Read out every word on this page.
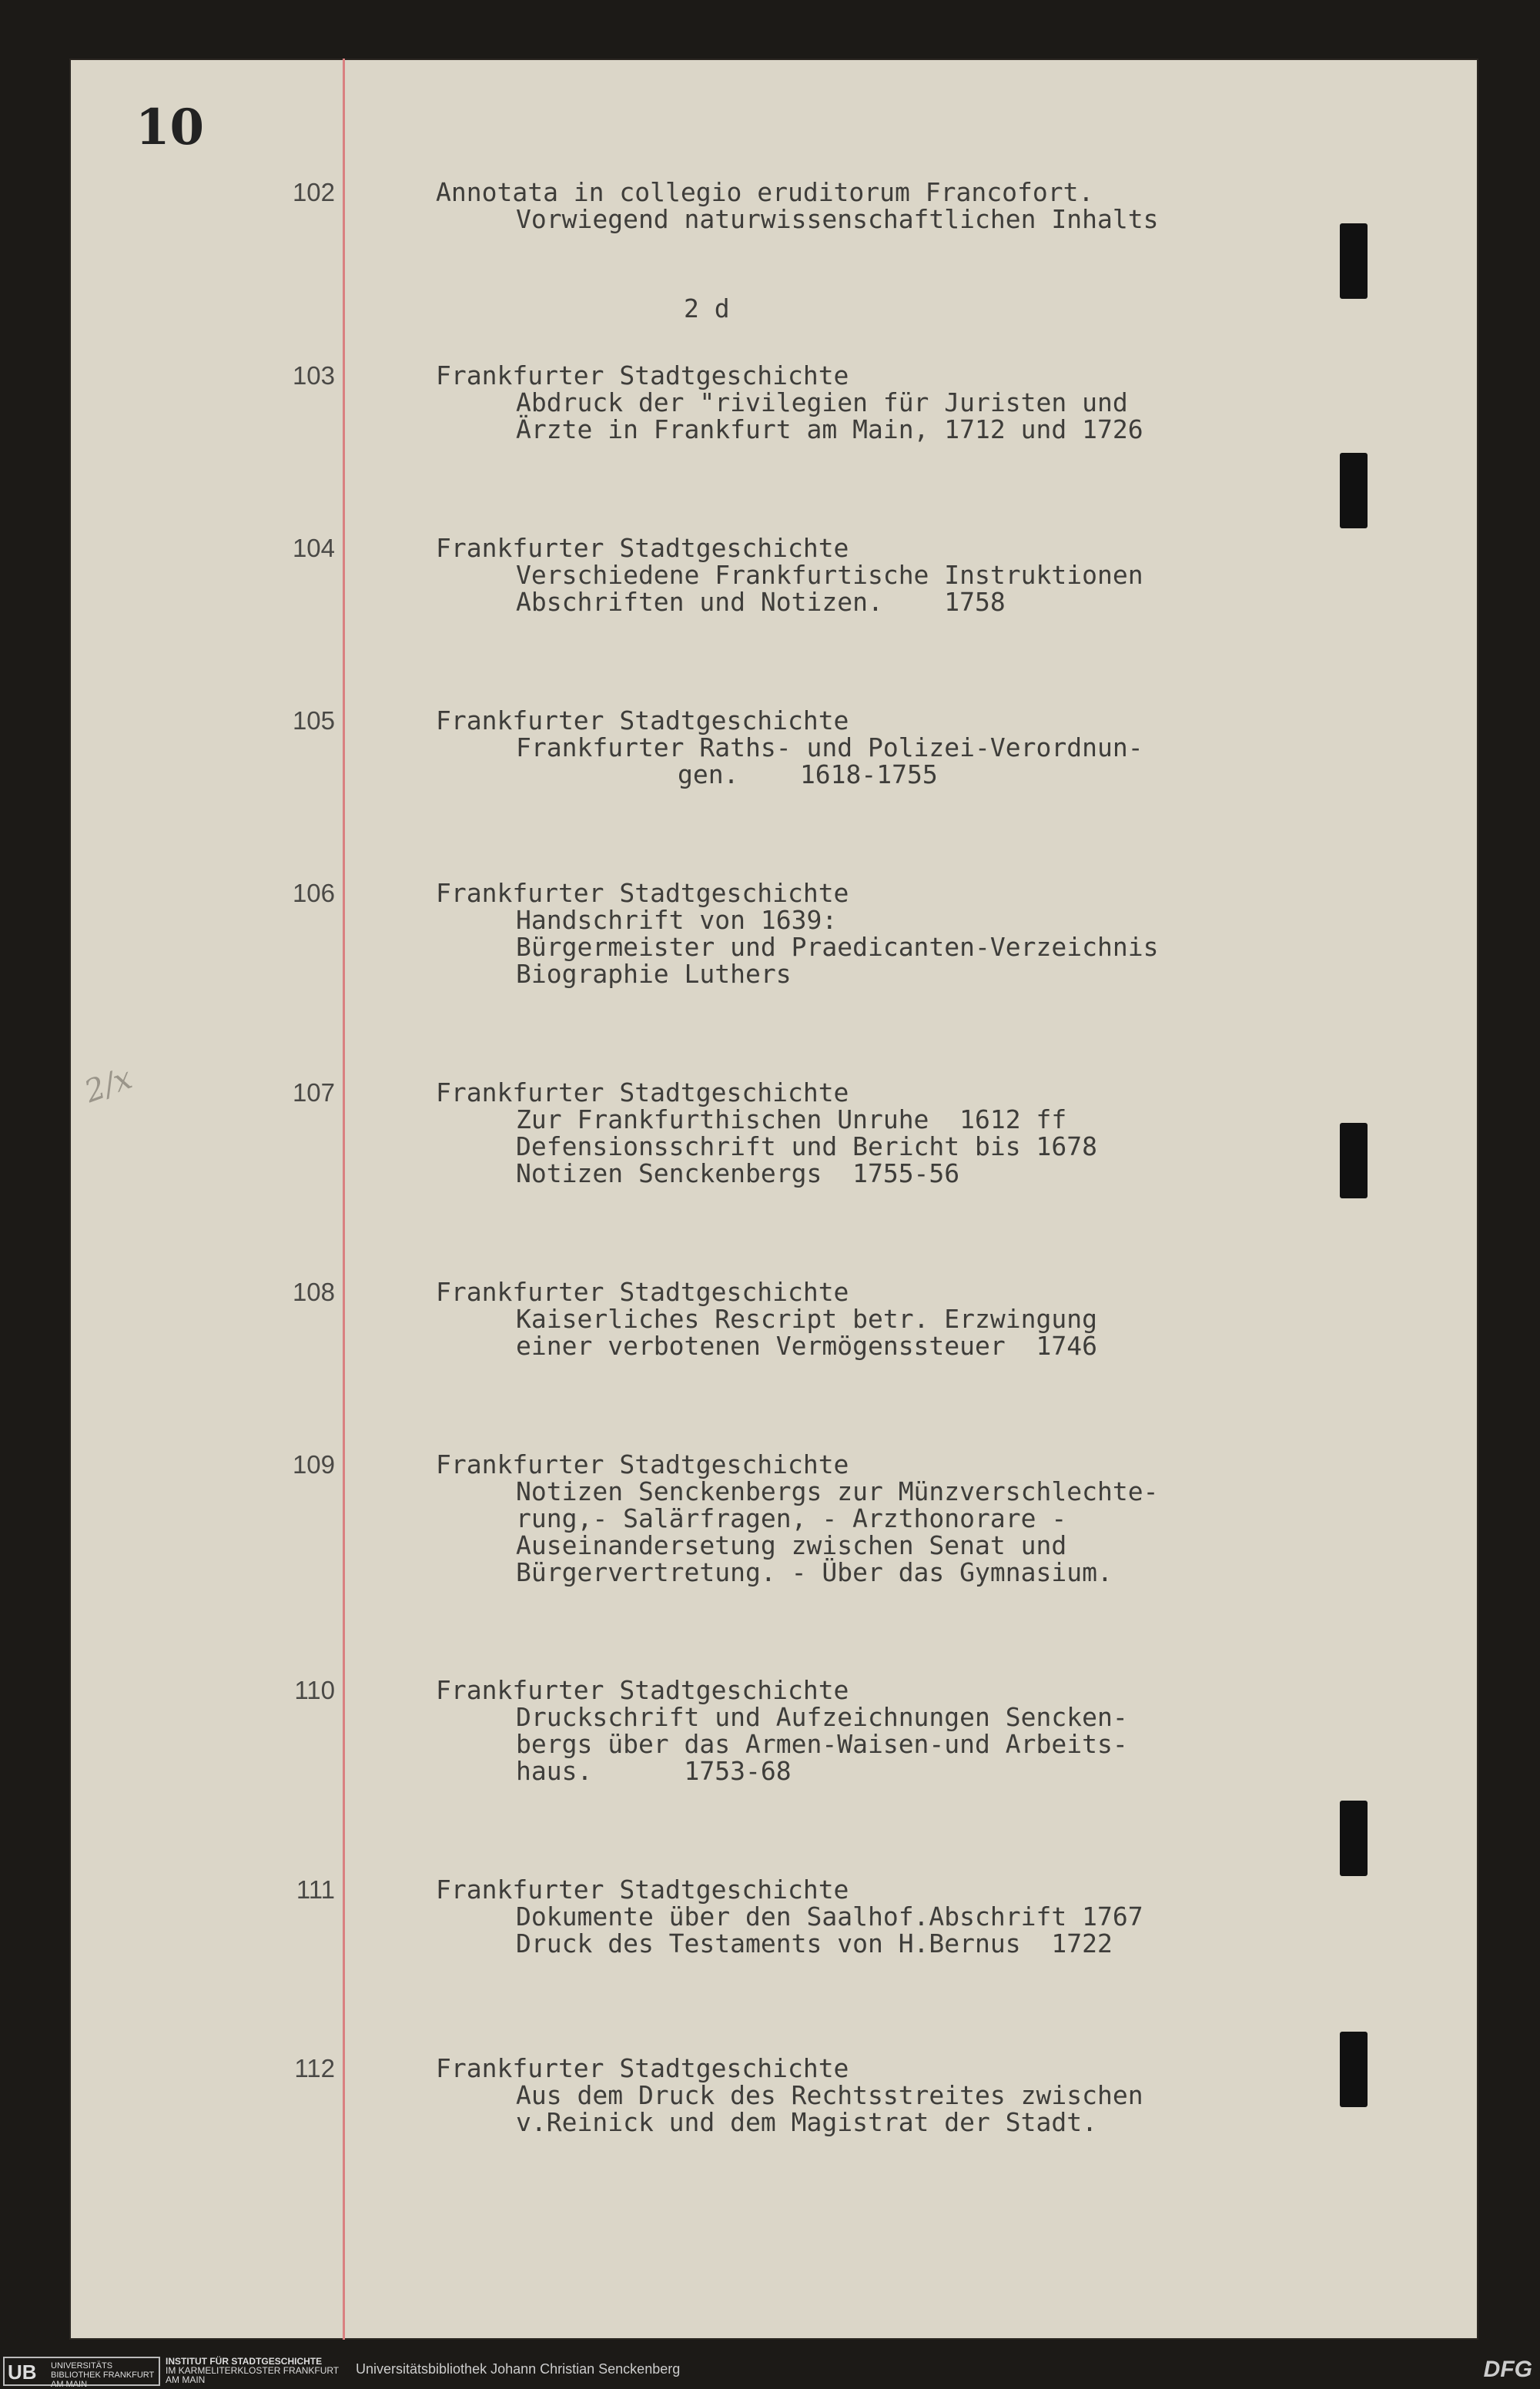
10
2/x
2 d
102	Annotata in collegio eruditorum Francofort.
Vorwiegend naturwissenschaftlichen Inhalts
103	Frankfurter Stadtgeschichte
Abdruck der "rivilegien für Juristen und
Ärzte in Frankfurt am Main, 1712 und 1726
104	Frankfurter Stadtgeschichte
Verschiedene Frankfurtische Instruktionen
Abschriften und Notizen.    1758
105	Frankfurter Stadtgeschichte
Frankfurter Raths- und Polizei-Verordnun-
gen.    1618-1755
106	Frankfurter Stadtgeschichte
Handschrift von 1639:
Bürgermeister und Praedicanten-Verzeichnis
Biographie Luthers
107	Frankfurter Stadtgeschichte
Zur Frankfurthischen Unruhe  1612 ff
Defensionsschrift und Bericht bis 1678
Notizen Senckenbergs  1755-56
108	Frankfurter Stadtgeschichte
Kaiserliches Rescript betr. Erzwingung
einer verbotenen Vermögenssteuer  1746
109	Frankfurter Stadtgeschichte
Notizen Senckenbergs zur Münzverschlechte-
rung,- Salärfragen, - Arzthonorare -
Auseinandersetung zwischen Senat und
Bürgervertretung. - Über das Gymnasium.
110	Frankfurter Stadtgeschichte
Druckschrift und Aufzeichnungen Sencken-
bergs über das Armen-Waisen-und Arbeits-
haus.      1753-68
111	Frankfurter Stadtgeschichte
Dokumente über den Saalhof.Abschrift 1767
Druck des Testaments von H.Bernus  1722
112	Frankfurter Stadtgeschichte
Aus dem Druck des Rechtsstreites zwischen
v.Reinick und dem Magistrat der Stadt.
UB UNIVERSITÄTS BIBLIOTHEK FRANKFURT AM MAIN
INSTITUT FÜR STADTGESCHICHTE
IM KARMELITERKLOSTER FRANKFURT AM MAIN
Universitätsbibliothek Johann Christian Senckenberg	DFG
